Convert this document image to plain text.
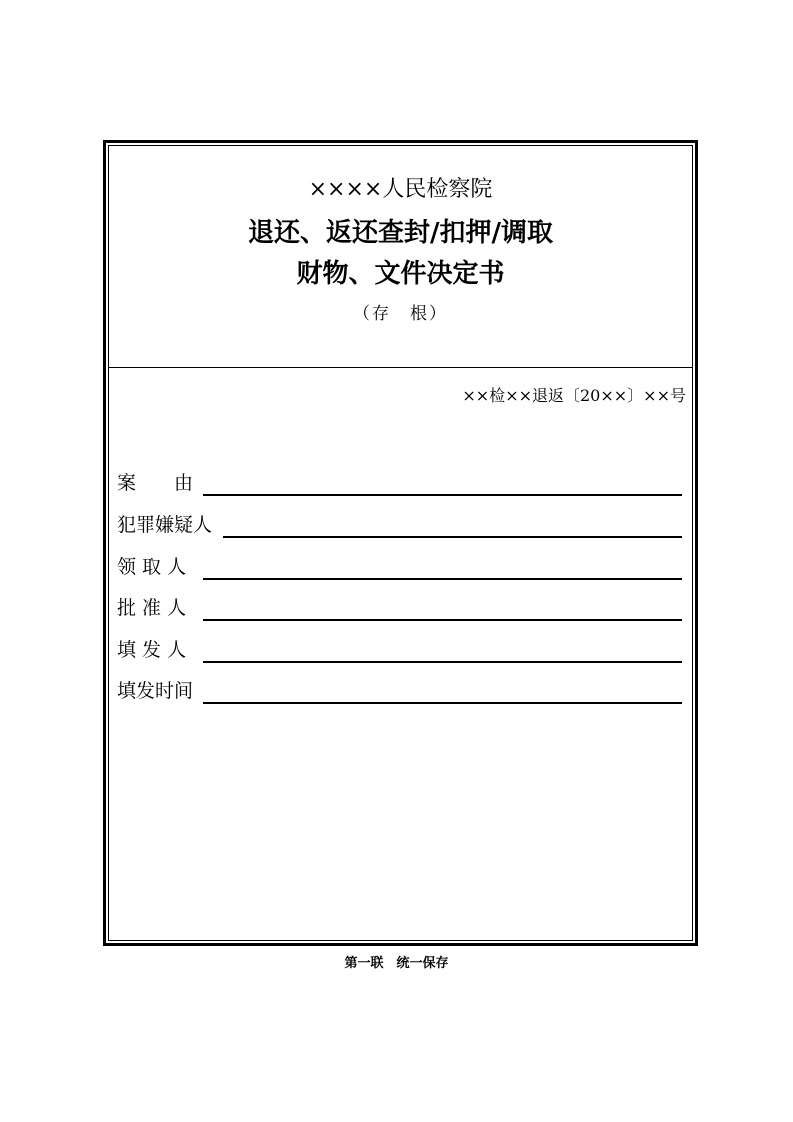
××××人民检察院
退还、返还查封/扣押/调取
财物、文件决定书
（存　根）
××检××退返〔20××〕××号
案　　由
犯罪嫌疑人
领 取 人
批 准 人
填 发 人
填发时间
第一联　统一保存
